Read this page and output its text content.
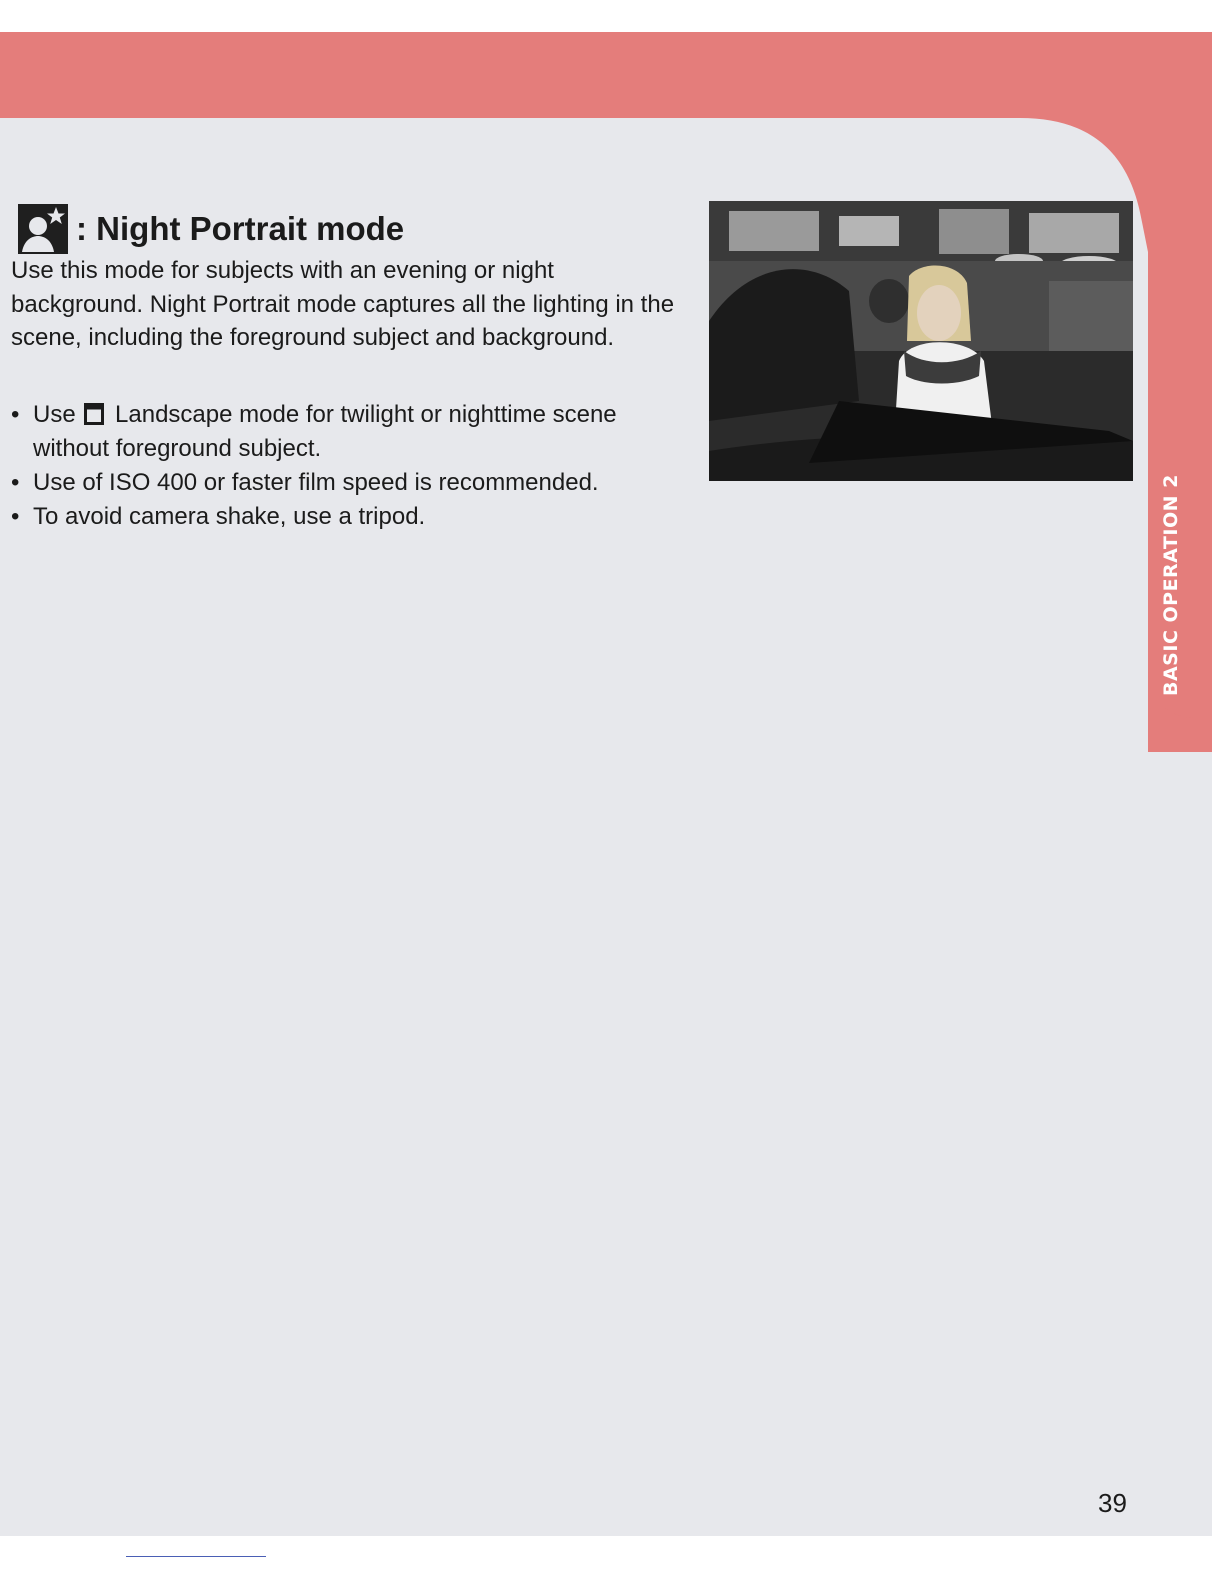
BASIC OPERATION 2
: Night Portrait mode

Use this mode for subjects with an evening or night background. Night Portrait mode captures all the lighting in the scene, including the foreground subject and background.

• Use Landscape mode for twilight or nighttime scene without foreground subject.
• Use of ISO 400 or faster film speed is recommended.
• To avoid camera shake, use a tripod.
39
